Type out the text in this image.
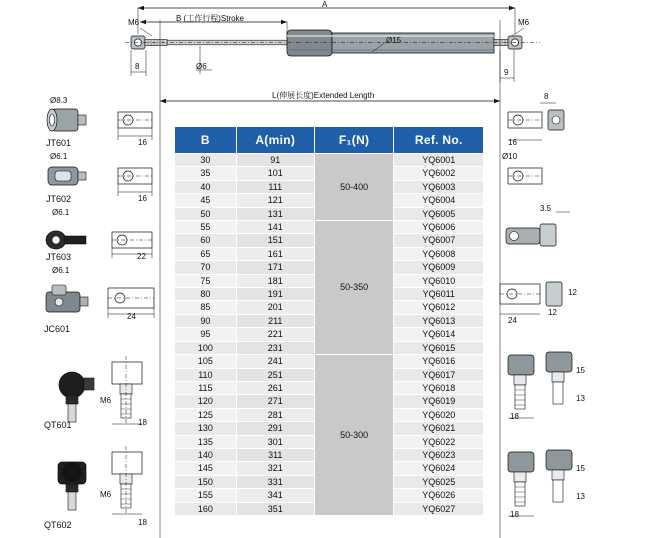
A
B (工作行程)Stroke
L(伸展长度)Extended Length
M6	M6
Ø15
Ø6
8
9
8
Ø8.3
JT601	16
Ø6.1
JT602	16
Ø6.1
JT603	22
Ø6.1
JC601
24
QT601
M6
18
QT602
M6
18
Ø10
16
3.5
24
12
12
18
15
13
18
15
13
B	A(min)	F₁(N)	Ref. No.
30	91	50-400	YQ6001
35	101		YQ6002
40	111		YQ6003
45	121		YQ6004
50	131		YQ6005
55	141	50-350	YQ6006
60	151		YQ6007
65	161		YQ6008
70	171		YQ6009
75	181		YQ6010
80	191		YQ6011
85	201		YQ6012
90	211		YQ6013
95	221		YQ6014
100	231		YQ6015
105	241	50-300	YQ6016
110	251		YQ6017
115	261		YQ6018
120	271		YQ6019
125	281		YQ6020
130	291		YQ6021
135	301		YQ6022
140	311		YQ6023
145	321		YQ6024
150	331		YQ6025
155	341		YQ6026
160	351		YQ6027
